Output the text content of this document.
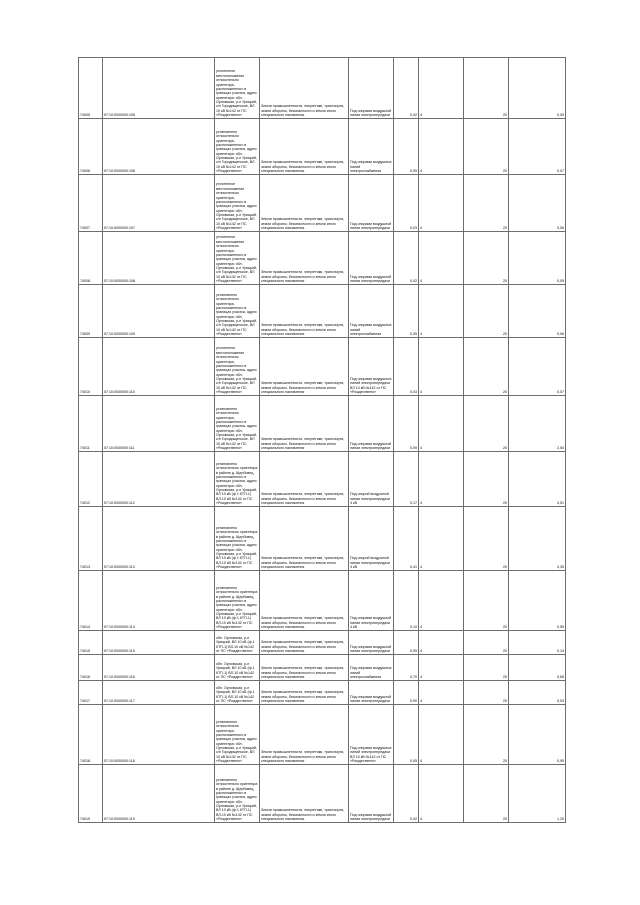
74005	57:10:0000000:105	уточненное местоположение относительно ориентира, расположенного в границах участка, адрес ориентира: обл. Орловская, р-н Урицкий, с/п Городищенское, ВЛ 10 кВ №142 от ПС «Рождествено»	Земли промышленности, энергетики, транспорта, земли обороны, безопасности и земли иного специального назначения	Под опорами воздушной линии электропередачи	0,02	4	20	0,05

74006	57:10:0000000:106	установлено относительно ориентира, расположенного в границах участка, адрес ориентира: обл. Орловская, р-н Урицкий, с/п Городищенское, ВЛ 10 кВ №142 от ПС «Рождествено»	Земли промышленности, энергетики, транспорта, земли обороны, безопасности и земли иного специального назначения	Под опорами воздушных линий электроснабжения	0,05	4	20	0,07

74007	57:10:0000000:107	уточненное местоположение относительно ориентира, расположенного в границах участка, адрес ориентира: обл. Орловская, р-н Урицкий, с/п Городищенское, ВЛ 10 кВ №142 от ПС «Рождествено»	Земли промышленности, энергетики, транспорта, земли обороны, безопасности и земли иного специального назначения	Под опорами воздушной линии электропередачи	0,03	4	20	0,06

74008	57:10:0000000:108	уточненное местоположение относительно ориентира, расположенного в границах участка, адрес ориентира: обл. Орловская, р-н Урицкий, с/п Городищенское, ВЛ 10 кВ №142 от ПС «Рождествено»	Земли промышленности, энергетики, транспорта, земли обороны, безопасности и земли иного специального назначения	Под опорами воздушной линии электропередачи	0,02	4	20	0,05

74009	57:10:0000000:109	установлено относительно ориентира, расположенного в границах участка, адрес ориентира: обл. Орловская, р-н Урицкий, с/п Городищенское, ВЛ 10 кВ №142 от ПС «Рождествено»	Земли промышленности, энергетики, транспорта, земли обороны, безопасности и земли иного специального назначения	Под опорами воздушных линий электроснабжения	0,05	4	20	0,06

74010	57:10:0000000:110	уточненное местоположение относительно ориентира, расположенного в границах участка, адрес ориентира: обл. Орловская, р-н Урицкий, с/п Городищенское, ВЛ 10 кВ №142 от ПС «Рождествено»	Земли промышленности, энергетики, транспорта, земли обороны, безопасности и земли иного специального назначения	Под опорами воздушных линий электропередачи ВЛ 10 кВ №142 от ПС «Рождествено»	0,03	4	20	0,07

74011	57:10:0000000:111	установлено относительно ориентира, расположенного в границах участка, адрес ориентира: обл. Орловская, р-н Урицкий, с/п Городищенское, ВЛ 10 кВ №142 от ПС «Рождествено»	Земли промышленности, энергетики, транспорта, земли обороны, безопасности и земли иного специального назначения	Под опорами воздушной линии электропередачи	0,09	4	20	2,54

74012	57:10:0000000:112	установлено относительно ориентира в районе д. Щербовец, расположенного в границах участка, адрес ориентира: обл. Орловская, р-н Урицкий, ВЛ 10 кВ (ф.1 КТП-1) ВЛ-10 кВ №142 от ПС «Рождествено»	Земли промышленности, энергетики, транспорта, земли обороны, безопасности и земли иного специального назначения	Под опорой воздушной линии электропередачи 4 кВ	0,17	4	20	0,51

74013	57:10:0000000:113	установлено относительно ориентира в районе д. Щербовец, расположенного в границах участка, адрес ориентира: обл. Орловская, р-н Урицкий, ВЛ 10 кВ (ф.1 КТП-1) ВЛ-10 кВ №142 от ПС «Рождествено»	Земли промышленности, энергетики, транспорта, земли обороны, безопасности и земли иного специального назначения	Под опорой воздушной линии электропередачи 4 кВ	0,41	4	20	0,35

74014	57:10:0000000:114	установлено относительно ориентира в районе д. Щербовец, расположенного в границах участка, адрес ориентира: обл. Орловская, р-н Урицкий, ВЛ 10 кВ (ф.1 КТП-1) ВЛ-10 кВ №142 от ПС «Рождествено»	Земли промышленности, энергетики, транспорта, земли обороны, безопасности и земли иного специального назначения	Под опорами воздушной линии электропередачи 4 кВ	0,10	4	20	0,55

74015	57:10:0000000:115	обл. Орловская, р-н Урицкий, ВЛ 10 кВ (ф.1 КТП-1) ВЛ-10 кВ №142 от ПС «Рождествено»	Земли промышленности, энергетики, транспорта, земли обороны, безопасности и земли иного специального назначения	Под опорами воздушной линии электропередачи	0,05	4	20	0,14

74016	57:10:0000000:116	обл. Орловская, р-н Урицкий, ВЛ 10 кВ (ф.1 КТП-1) ВЛ-10 кВ №142 от ПС «Рождествено»	Земли промышленности, энергетики, транспорта, земли обороны, безопасности и земли иного специального назначения	Под опорами воздушных линий электроснабжения	0,70	4	20	0,65

74017	57:10:0000000:117	обл. Орловская, р-н Урицкий, ВЛ 10 кВ (ф.1 КТП-1) ВЛ-10 кВ №142 от ПС «Рождествено»	Земли промышленности, энергетики, транспорта, земли обороны, безопасности и земли иного специального назначения	Под опорами воздушной линии электропередачи	0,90	4	20	0,03

74018	57:10:0000000:118	установлено относительно ориентира, расположенного в границах участка, адрес ориентира: обл. Орловская, р-н Урицкий, с/п Городищенское, ВЛ 10 кВ №142 от ПС «Рождествено»	Земли промышленности, энергетики, транспорта, земли обороны, безопасности и земли иного специального назначения	Под опорами воздушных линий электропередачи ВЛ 10 кВ №142 от ПС «Рождествено»	0,05	4	20	0,95

74019	57:10:0000000:119	установлено относительно ориентира в районе д. Щербовец, расположенного в границах участка, адрес ориентира: обл. Орловская, р-н Урицкий, ВЛ 10 кВ (ф.1 КТП-1) ВЛ-10 кВ №142 от ПС «Рождествено»	Земли промышленности, энергетики, транспорта, земли обороны, безопасности и земли иного специального назначения	Под опорами воздушной линии электропередачи	0,02	4	20	1,25
